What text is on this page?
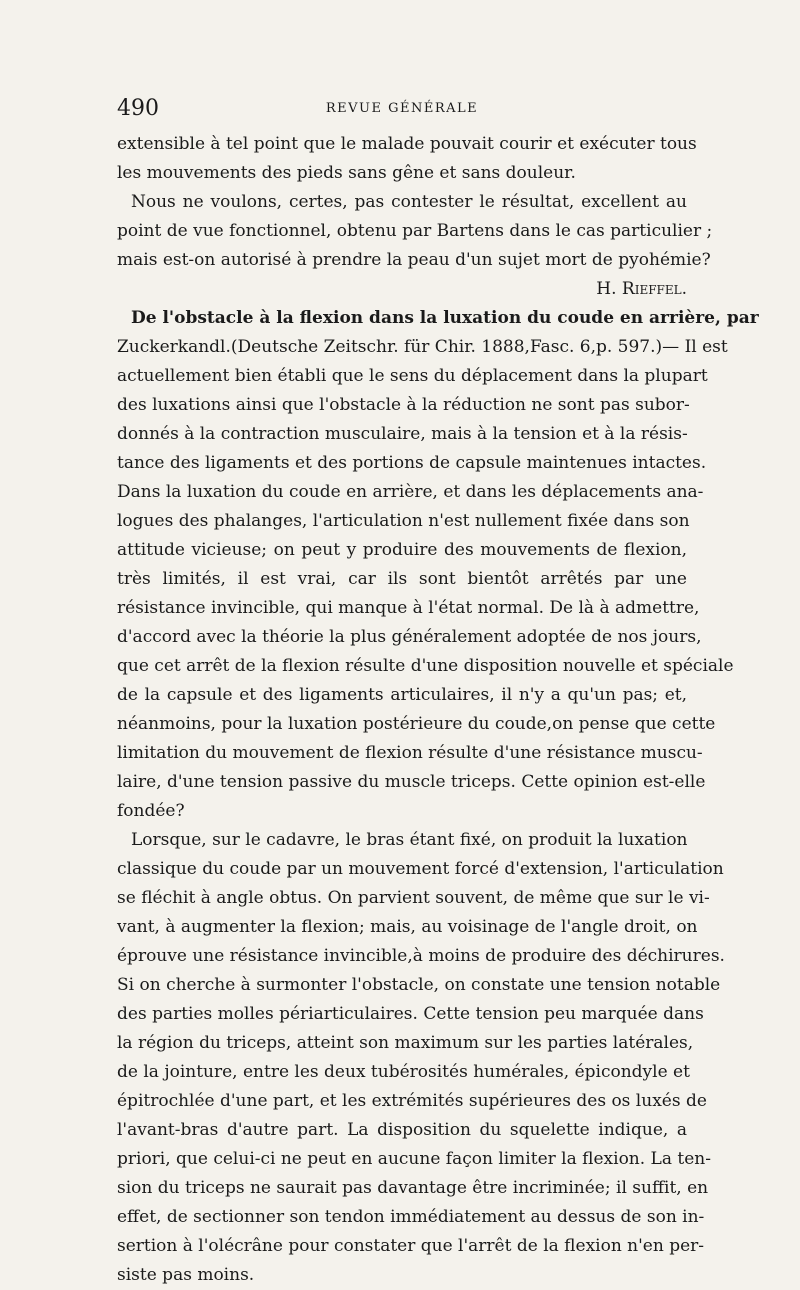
490	REVUE GÉNÉRALE
extensible à tel point que le malade pouvait courir et exécuter tous
les mouvements des pieds sans gêne et sans douleur.
Nous ne voulons, certes, pas contester le résultat, excellent au
point de vue fonctionnel, obtenu par Bartens dans le cas particulier ;
mais est-on autorisé à prendre la peau d'un sujet mort de pyohémie?
H. Rieffel.
De l'obstacle à la flexion dans la luxation du coude en arrière, par
Zuckerkandl.(Deutsche Zeitschr. für Chir. 1888,Fasc. 6,p. 597.)— Il est
actuellement bien établi que le sens du déplacement dans la plupart
des luxations ainsi que l'obstacle à la réduction ne sont pas subor-
donnés à la contraction musculaire, mais à la tension et à la résis-
tance des ligaments et des portions de capsule maintenues intactes.
Dans la luxation du coude en arrière, et dans les déplacements ana-
logues des phalanges, l'articulation n'est nullement fixée dans son
attitude vicieuse; on peut y produire des mouvements de flexion,
très limités, il est vrai, car ils sont bientôt arrêtés par une
résistance invincible, qui manque à l'état normal. De là à admettre,
d'accord avec la théorie la plus généralement adoptée de nos jours,
que cet arrêt de la flexion résulte d'une disposition nouvelle et spéciale
de la capsule et des ligaments articulaires, il n'y a qu'un pas; et,
néanmoins, pour la luxation postérieure du coude,on pense que cette
limitation du mouvement de flexion résulte d'une résistance muscu-
laire, d'une tension passive du muscle triceps. Cette opinion est-elle
fondée?
Lorsque, sur le cadavre, le bras étant fixé, on produit la luxation
classique du coude par un mouvement forcé d'extension, l'articulation
se fléchit à angle obtus. On parvient souvent, de même que sur le vi-
vant, à augmenter la flexion; mais, au voisinage de l'angle droit, on
éprouve une résistance invincible,à moins de produire des déchirures.
Si on cherche à surmonter l'obstacle, on constate une tension notable
des parties molles périarticulaires. Cette tension peu marquée dans
la région du triceps, atteint son maximum sur les parties latérales,
de la jointure, entre les deux tubérosités humérales, épicondyle et
épitrochlée d'une part, et les extrémités supérieures des os luxés de
l'avant-bras d'autre part. La disposition du squelette indique, a
priori, que celui-ci ne peut en aucune façon limiter la flexion. La ten-
sion du triceps ne saurait pas davantage être incriminée; il suffit, en
effet, de sectionner son tendon immédiatement au dessus de son in-
sertion à l'olécrâne pour constater que l'arrêt de la flexion n'en per-
siste pas moins.
